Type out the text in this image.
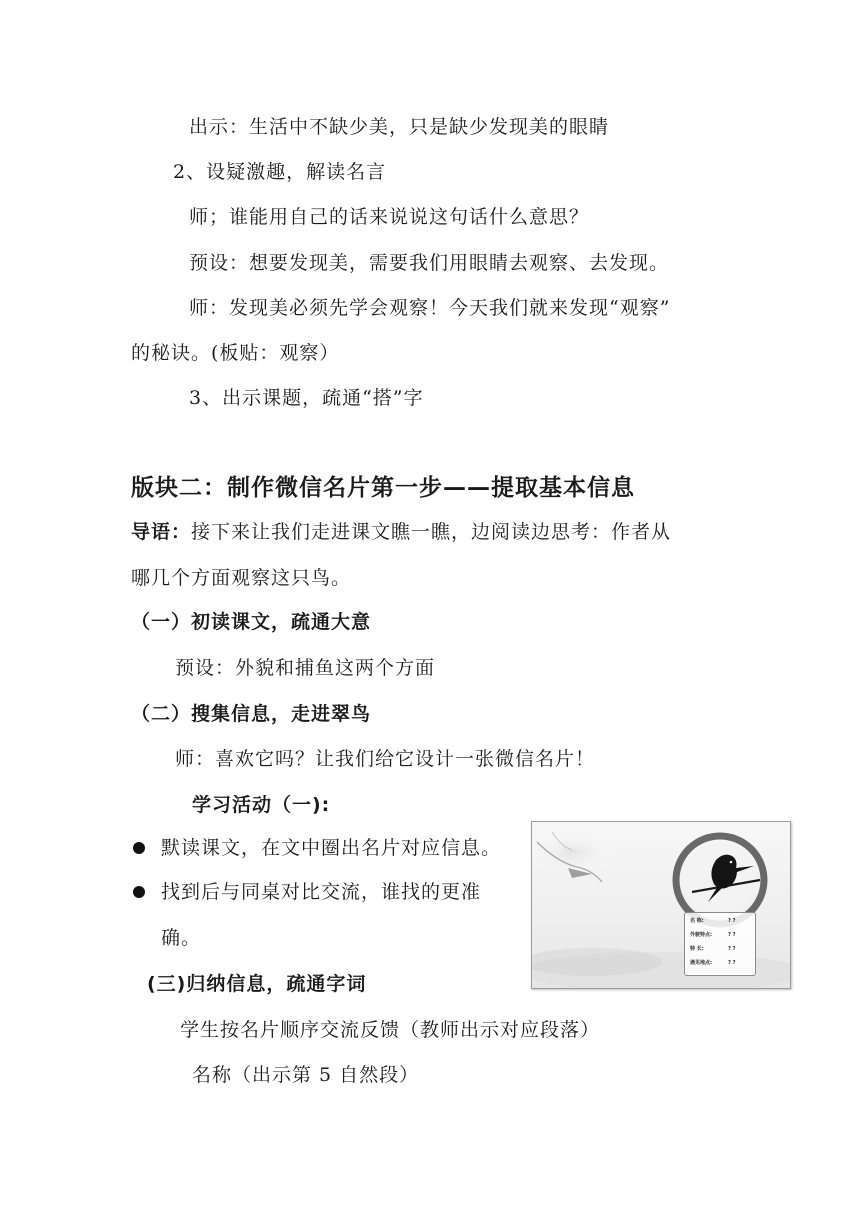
出示：生活中不缺少美，只是缺少发现美的眼睛
2、设疑激趣，解读名言
师；谁能用自己的话来说说这句话什么意思？
预设：想要发现美，需要我们用眼睛去观察、去发现。
师：发现美必须先学会观察！今天我们就来发现“观察”
的秘诀。(板贴：观察）
3、出示课题，疏通“搭”字
版块二：制作微信名片第一步——提取基本信息
导语：接下来让我们走进课文瞧一瞧，边阅读边思考：作者从
哪几个方面观察这只鸟。
（一）初读课文，疏通大意
预设：外貌和捕鱼这两个方面
（二）搜集信息，走进翠鸟
师：喜欢它吗？让我们给它设计一张微信名片！
学习活动（一):
默读课文，在文中圈出名片对应信息。
找到后与同桌对比交流，谁找的更准
确。
(三)归纳信息，疏通字词
学生按名片顺序交流反馈（教师出示对应段落）
名称（出示第 5 自然段）
名 称:	? ?
外貌特点:	? ?
特 长:	? ?
遇见地点:	? ?
